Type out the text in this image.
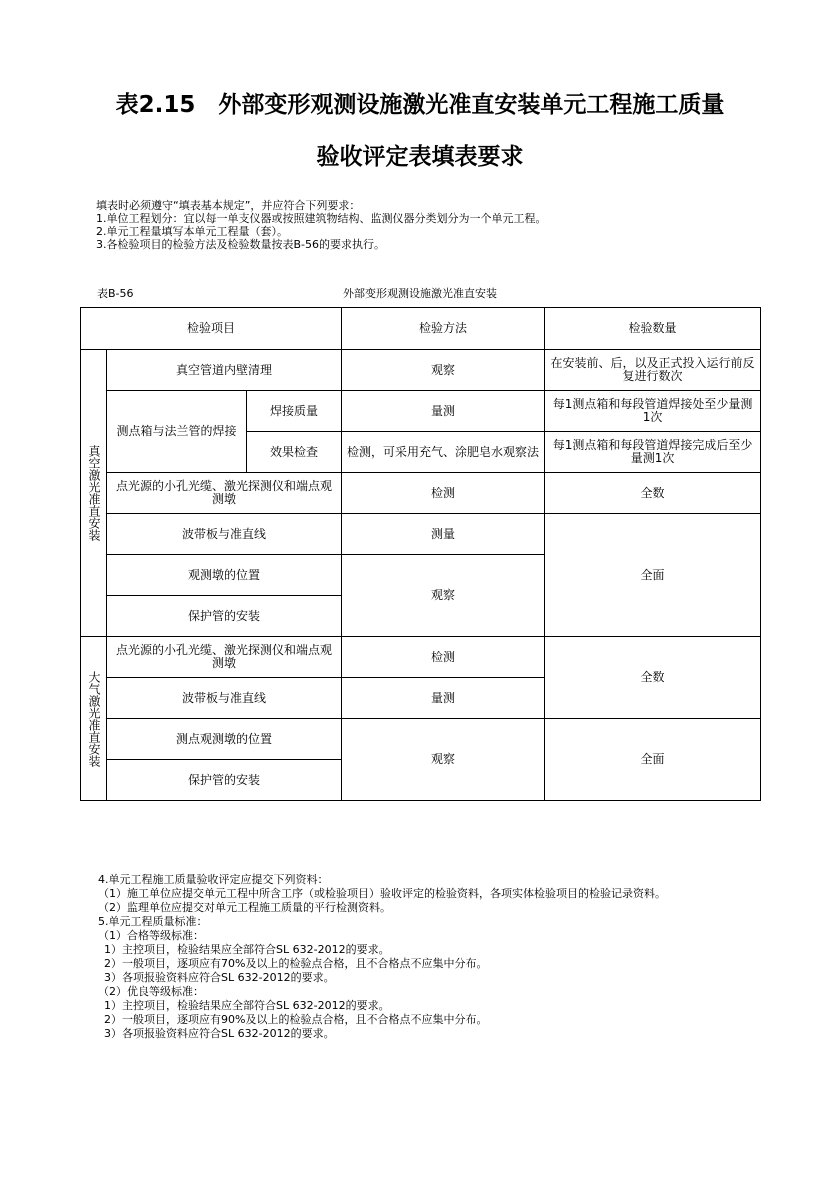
表2.15　外部变形观测设施激光准直安装单元工程施工质量
验收评定表填表要求
填表时必须遵守“填表基本规定”，并应符合下列要求：
1.单位工程划分：宜以每一单支仪器或按照建筑物结构、监测仪器分类划分为一个单元工程。
2.单元工程量填写本单元工程量（套）。
3.各检验项目的检验方法及检验数量按表B-56的要求执行。
表B-56	外部变形观测设施激光准直安装
检验项目			检验方法	检验数量
真空激光准直安装	真空管道内壁清理		观察	在安装前、后，以及正式投入运行前反复进行数次
	测点箱与法兰管的焊接	焊接质量	量测	每1测点箱和每段管道焊接处至少量测1次
		效果检查	检测，可采用充气、涂肥皂水观察法	每1测点箱和每段管道焊接完成后至少量测1次
	点光源的小孔光缆、激光探测仪和端点观测墩		检测	全数
	波带板与准直线		测量	全面
	观测墩的位置		观察	
	保护管的安装			
大气激光准直安装	点光源的小孔光缆、激光探测仪和端点观测墩		检测	全数
	波带板与准直线		量测	
	测点观测墩的位置		观察	全面
	保护管的安装			
4.单元工程施工质量验收评定应提交下列资料：
（1）施工单位应提交单元工程中所含工序（或检验项目）验收评定的检验资料，各项实体检验项目的检验记录资料。
（2）监理单位应提交对单元工程施工质量的平行检测资料。
5.单元工程质量标准：
（1）合格等级标准：
1）主控项目，检验结果应全部符合SL 632-2012的要求。
2）一般项目，逐项应有70%及以上的检验点合格，且不合格点不应集中分布。
3）各项报验资料应符合SL 632-2012的要求。
（2）优良等级标准：
1）主控项目，检验结果应全部符合SL 632-2012的要求。
2）一般项目，逐项应有90%及以上的检验点合格，且不合格点不应集中分布。
3）各项报验资料应符合SL 632-2012的要求。
